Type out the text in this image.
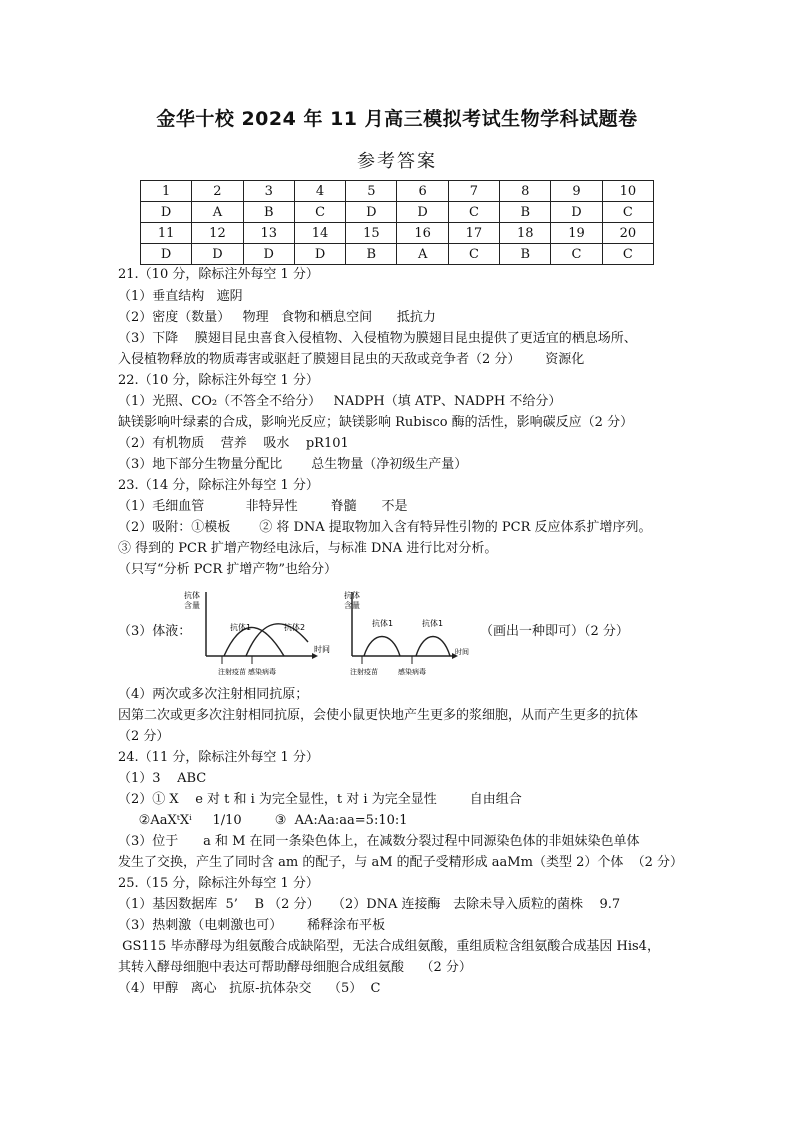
金华十校 2024 年 11 月高三模拟考试生物学科试题卷
参考答案
1	2	3	4	5	6	7	8	9	10
D	A	B	C	D	D	C	B	D	C
11	12	13	14	15	16	17	18	19	20
D	D	D	D	B	A	C	B	C	C
21.（10 分，除标注外每空 1 分）
（1）垂直结构   遮阴
（2）密度（数量）   物理   食物和栖息空间      抵抗力
（3）下降    膜翅目昆虫喜食入侵植物、入侵植物为膜翅目昆虫提供了更适宜的栖息场所、
入侵植物释放的物质毒害或驱赶了膜翅目昆虫的天敌或竞争者（2 分）      资源化
22.（10 分，除标注外每空 1 分）
（1）光照、CO₂（不答全不给分）   NADPH（填 ATP、NADPH 不给分）
缺镁影响叶绿素的合成，影响光反应；缺镁影响 Rubisco 酶的活性，影响碳反应（2 分）
（2）有机物质    营养    吸水    pR101
（3）地下部分生物量分配比       总生物量（净初级生产量）
23.（14 分，除标注外每空 1 分）
（1）毛细血管          非特异性        脊髓      不是
（2）吸附：①模板       ② 将 DNA 提取物加入含有特异性引物的 PCR 反应体系扩增序列。
③ 得到的 PCR 扩增产物经电泳后，与标准 DNA 进行比对分析。
（只写“分析 PCR 扩增产物”也给分）
（3）体液：	（画出一种即可）（2 分）
抗体
含量
时间
抗体1	抗体2
注射疫苗 感染病毒
抗体
含量
时间
抗体1	抗体1
注射疫苗	感染病毒
（4）两次或多次注射相同抗原；
因第二次或更多次注射相同抗原，会使小鼠更快地产生更多的浆细胞，从而产生更多的抗体
（2 分）
24.（11 分，除标注外每空 1 分）
（1）3    ABC
（2）① X    e 对 t 和 i 为完全显性，t 对 i 为完全显性        自由组合
②AaXᵗXⁱ     1/10        ③  AA:Aa:aa=5:10:1
（3）位于      a 和 M 在同一条染色体上，在减数分裂过程中同源染色体的非姐妹染色单体
发生了交换，产生了同时含 am 的配子，与 aM 的配子受精形成 aaMm（类型 2）个体  （2 分）
25.（15 分，除标注外每空 1 分）
（1）基因数据库  5’    B （2 分）   （2）DNA 连接酶   去除未导入质粒的菌株    9.7
（3）热刺激（电刺激也可）      稀释涂布平板
GS115 毕赤酵母为组氨酸合成缺陷型，无法合成组氨酸，重组质粒含组氨酸合成基因 His4，
其转入酵母细胞中表达可帮助酵母细胞合成组氨酸    （2 分）
（4）甲醇   离心   抗原-抗体杂交    （5）  C
